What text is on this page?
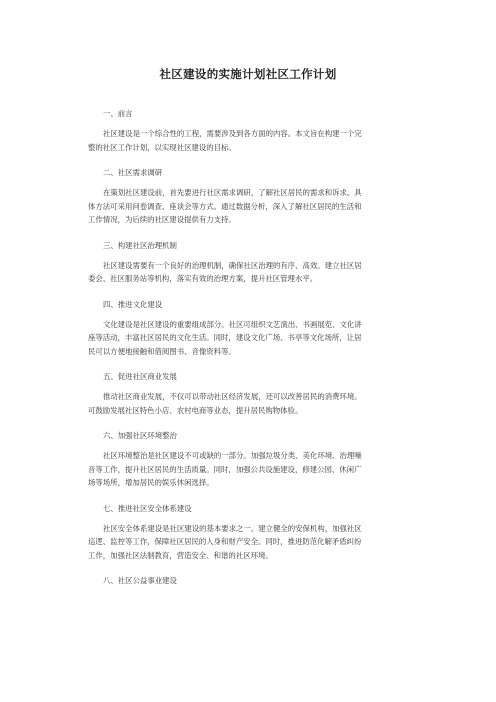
社区建设的实施计划社区工作计划
一、前言
社区建设是一个综合性的工程，需要涉及到各方面的内容。本文旨在构建一个完
整的社区工作计划，以实现社区建设的目标。
二、社区需求调研
在策划社区建设前，首先要进行社区需求调研，了解社区居民的需求和诉求。具
体方法可采用问卷调查、座谈会等方式。通过数据分析，深入了解社区居民的生活和
工作情况，为后续的社区建设提供有力支持。
三、构建社区治理机制
社区建设需要有一个良好的治理机制，确保社区治理的有序、高效。建立社区居
委会、社区服务站等机构，落实有效的治理方案，提升社区管理水平。
四、推进文化建设
文化建设是社区建设的重要组成部分。社区可组织文艺演出、书画展览、文化讲
座等活动，丰富社区居民的文化生活。同时，建设文化广场、书亭等文化场所，让居
民可以方便地接触和借阅图书、音像资料等。
五、促进社区商业发展
推动社区商业发展，不仅可以带动社区经济发展，还可以改善居民的消费环境。
可鼓励发展社区特色小店、农村电商等业态，提升居民购物体验。
六、加强社区环境整治
社区环境整治是社区建设不可或缺的一部分。加强垃圾分类、美化环境、治理噪
音等工作，提升社区居民的生活质量。同时，加强公共设施建设，修建公园、休闲广
场等场所，增加居民的娱乐休闲选择。
七、推进社区安全体系建设
社区安全体系建设是社区建设的基本要求之一。建立健全的安保机构，加强社区
巡逻、监控等工作，保障社区居民的人身和财产安全。同时，推进防范化解矛盾纠纷
工作，加强社区法制教育，营造安全、和谐的社区环境。
八、社区公益事业建设
